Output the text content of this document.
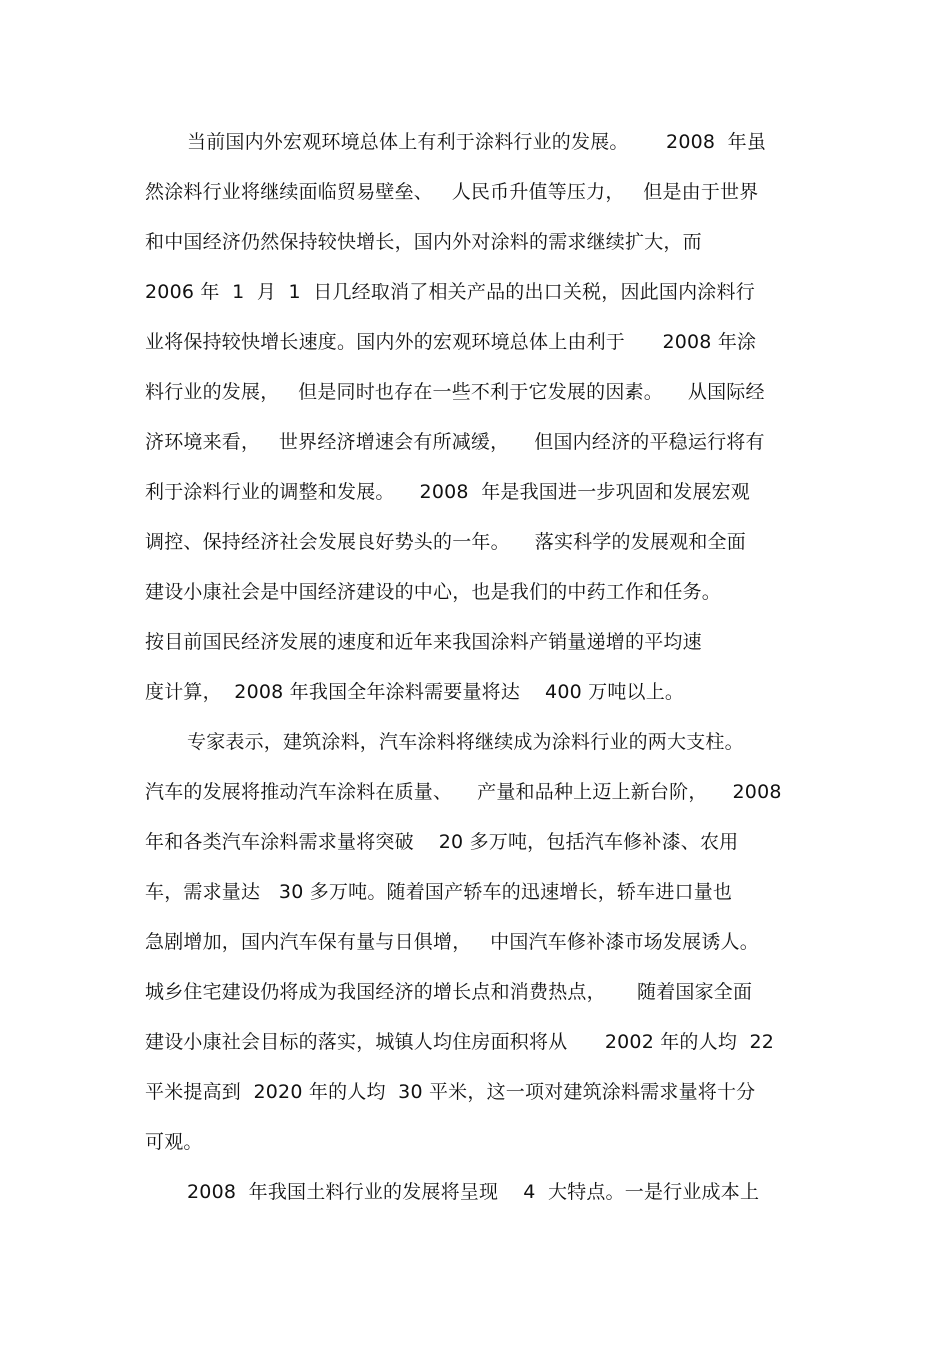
当前国内外宏观环境总体上有利于涂料行业的发展。      2008  年虽
然涂料行业将继续面临贸易壁垒、   人民币升值等压力，   但是由于世界
和中国经济仍然保持较快增长，国内外对涂料的需求继续扩大，而
2006 年  1  月  1  日几经取消了相关产品的出口关税，因此国内涂料行
业将保持较快增长速度。国内外的宏观环境总体上由利于      2008 年涂
料行业的发展，   但是同时也存在一些不利于它发展的因素。    从国际经
济环境来看，   世界经济增速会有所减缓，    但国内经济的平稳运行将有
利于涂料行业的调整和发展。    2008  年是我国进一步巩固和发展宏观
调控、保持经济社会发展良好势头的一年。    落实科学的发展观和全面
建设小康社会是中国经济建设的中心，也是我们的中药工作和任务。
按目前国民经济发展的速度和近年来我国涂料产销量递增的平均速
度计算，  2008 年我国全年涂料需要量将达    400 万吨以上。
专家表示，建筑涂料，汽车涂料将继续成为涂料行业的两大支柱。
汽车的发展将推动汽车涂料在质量、    产量和品种上迈上新台阶，    2008
年和各类汽车涂料需求量将突破    20 多万吨，包括汽车修补漆、农用
车，需求量达   30 多万吨。随着国产轿车的迅速增长，轿车进口量也
急剧增加，国内汽车保有量与日俱增，   中国汽车修补漆市场发展诱人。
城乡住宅建设仍将成为我国经济的增长点和消费热点，     随着国家全面
建设小康社会目标的落实，城镇人均住房面积将从      2002 年的人均  22
平米提高到  2020 年的人均  30 平米，这一项对建筑涂料需求量将十分
可观。
2008  年我国土料行业的发展将呈现    4  大特点。一是行业成本上
